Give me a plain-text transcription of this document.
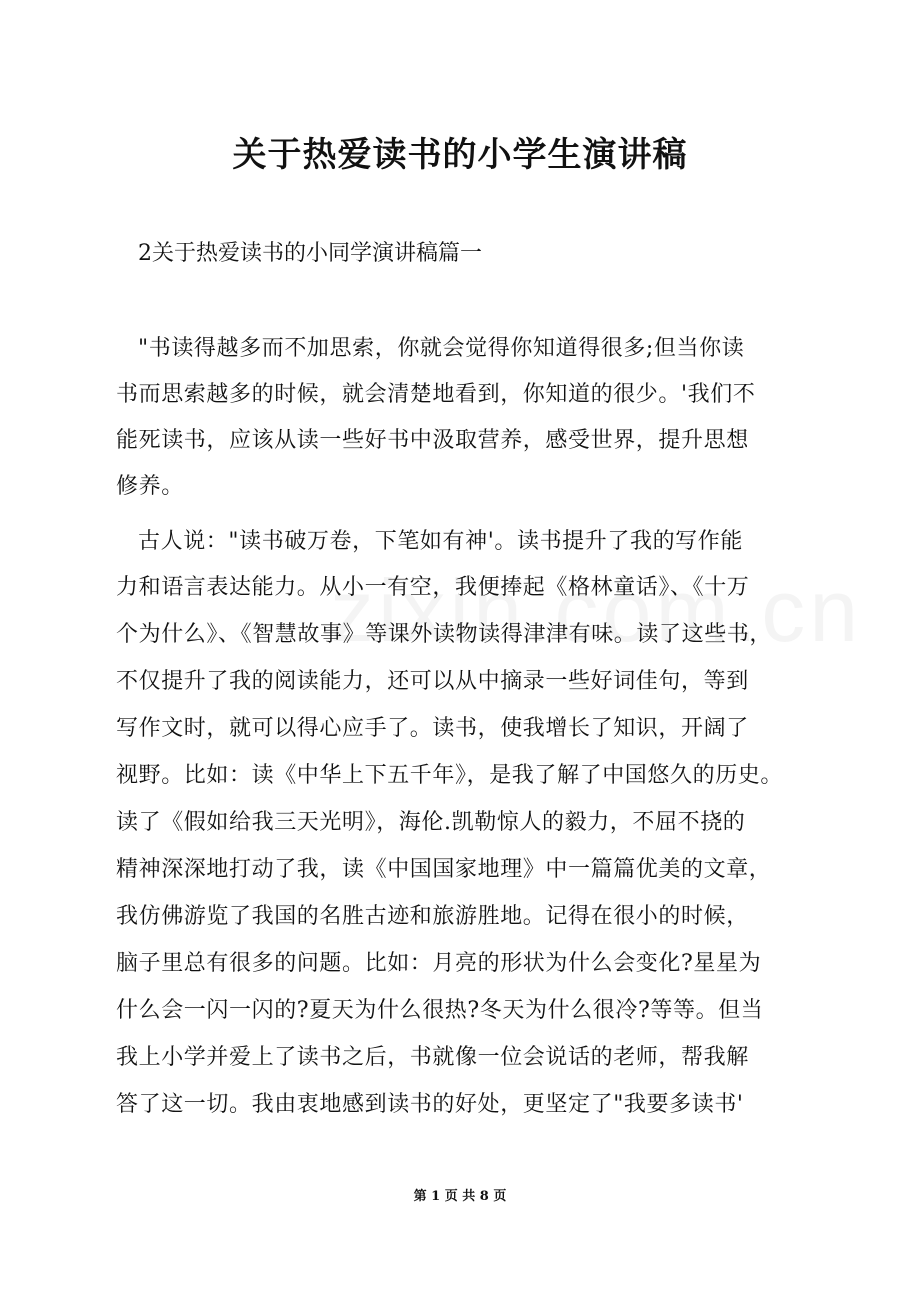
关于热爱读书的小学生演讲稿

2关于热爱读书的小同学演讲稿篇一

"书读得越多而不加思索，你就会觉得你知道得很多;但当你读

书而思索越多的时候，就会清楚地看到，你知道的很少。'我们不

能死读书，应该从读一些好书中汲取营养，感受世界，提升思想

修养。

古人说："读书破万卷，下笔如有神'。读书提升了我的写作能

力和语言表达能力。从小一有空，我便捧起《格林童话》、《十万

个为什么》、《智慧故事》等课外读物读得津津有味。读了这些书，

不仅提升了我的阅读能力，还可以从中摘录一些好词佳句，等到

写作文时，就可以得心应手了。读书，使我增长了知识，开阔了

视野。比如：读《中华上下五千年》，是我了解了中国悠久的历史。

读了《假如给我三天光明》，海伦.凯勒惊人的毅力，不屈不挠的

精神深深地打动了我，读《中国国家地理》中一篇篇优美的文章，

我仿佛游览了我国的名胜古迹和旅游胜地。记得在很小的时候，

脑子里总有很多的问题。比如：月亮的形状为什么会变化?星星为

什么会一闪一闪的?夏天为什么很热?冬天为什么很冷?等等。但当

我上小学并爱上了读书之后，书就像一位会说话的老师，帮我解

答了这一切。我由衷地感到读书的好处，更坚定了"我要多读书'

第 1 页 共 8 页
